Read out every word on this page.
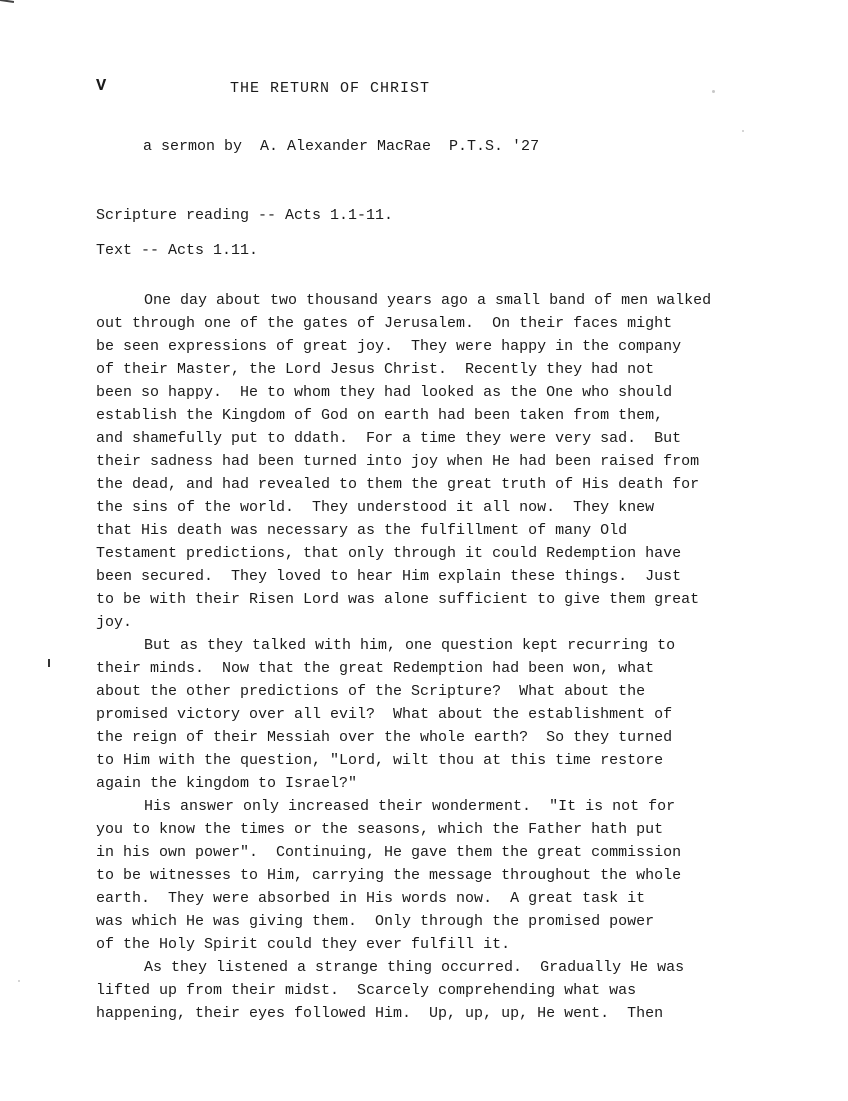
V	THE RETURN OF CHRIST
a sermon by  A. Alexander MacRae  P.T.S. '27
Scripture reading -- Acts 1.1-11.
Text -- Acts 1.11.
One day about two thousand years ago a small band of men walked
out through one of the gates of Jerusalem.  On their faces might
be seen expressions of great joy.  They were happy in the company
of their Master, the Lord Jesus Christ.  Recently they had not
been so happy.  He to whom they had looked as the One who should
establish the Kingdom of God on earth had been taken from them,
and shamefully put to ddath.  For a time they were very sad.  But
their sadness had been turned into joy when He had been raised from
the dead, and had revealed to them the great truth of His death for
the sins of the world.  They understood it all now.  They knew
that His death was necessary as the fulfillment of many Old
Testament predictions, that only through it could Redemption have
been secured.  They loved to hear Him explain these things.  Just
to be with their Risen Lord was alone sufficient to give them great
joy.
But as they talked with him, one question kept recurring to
their minds.  Now that the great Redemption had been won, what
about the other predictions of the Scripture?  What about the
promised victory over all evil?  What about the establishment of
the reign of their Messiah over the whole earth?  So they turned
to Him with the question, "Lord, wilt thou at this time restore
again the kingdom to Israel?"
His answer only increased their wonderment.  "It is not for
you to know the times or the seasons, which the Father hath put
in his own power".  Continuing, He gave them the great commission
to be witnesses to Him, carrying the message throughout the whole
earth.  They were absorbed in His words now.  A great task it
was which He was giving them.  Only through the promised power
of the Holy Spirit could they ever fulfill it.
As they listened a strange thing occurred.  Gradually He was
lifted up from their midst.  Scarcely comprehending what was
happening, their eyes followed Him.  Up, up, up, He went.  Then
